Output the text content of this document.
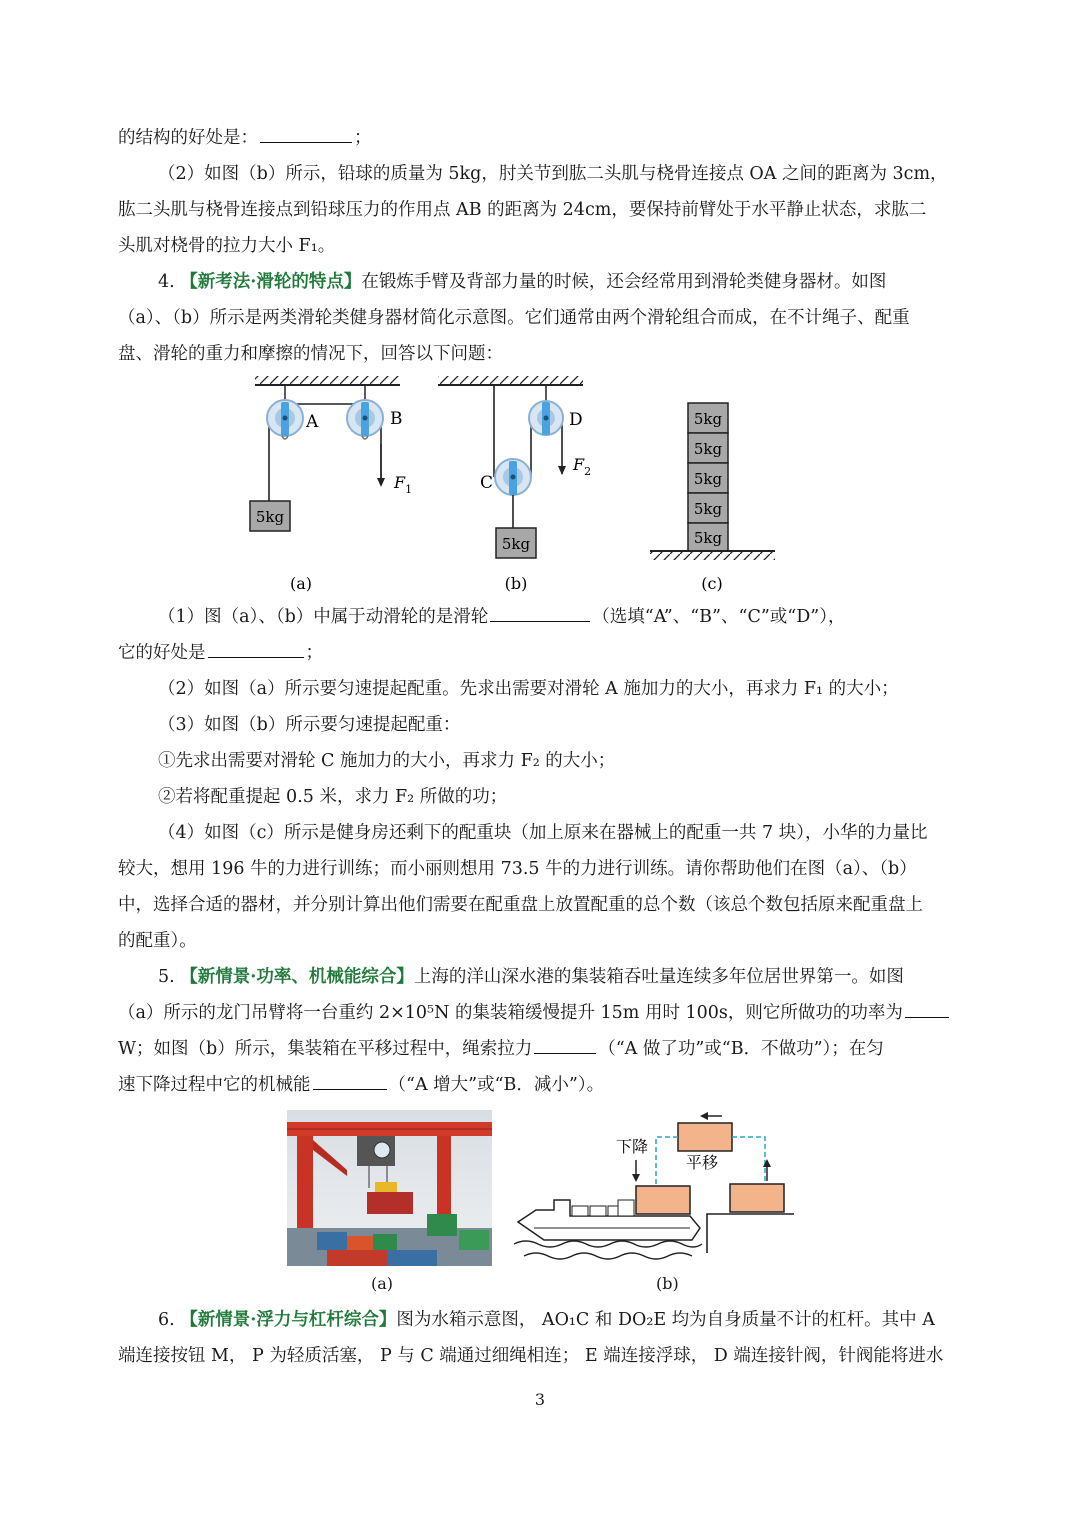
的结构的好处是：	；
（2）如图（b）所示，铅球的质量为 5kg，肘关节到肱二头肌与桡骨连接点 OA 之间的距离为 3cm，
肱二头肌与桡骨连接点到铅球压力的作用点 AB 的距离为 24cm，要保持前臂处于水平静止状态，求肱二
头肌对桡骨的拉力大小 F₁。
4. 【新考法·滑轮的特点】在锻炼手臂及背部力量的时候，还会经常用到滑轮类健身器材。如图
（a）、（b）所示是两类滑轮类健身器材简化示意图。它们通常由两个滑轮组合而成，在不计绳子、配重
盘、滑轮的重力和摩擦的情况下，回答以下问题：
A	B
$F_1$
5kg
(a)
C
D
$F_2$
5kg
(b)
5kg
5kg
5kg
5kg
5kg
(c)
（1）图（a）、（b）中属于动滑轮的是滑轮	（选填“A”、“B”、“C”或“D”），
它的好处是	；
（2）如图（a）所示要匀速提起配重。先求出需要对滑轮 A 施加力的大小，再求力 F₁ 的大小；
（3）如图（b）所示要匀速提起配重：
①先求出需要对滑轮 C 施加力的大小，再求力 F₂ 的大小；
②若将配重提起 0.5 米，求力 F₂ 所做的功；
（4）如图（c）所示是健身房还剩下的配重块（加上原来在器械上的配重一共 7 块），小华的力量比
较大，想用 196 牛的力进行训练；而小丽则想用 73.5 牛的力进行训练。请你帮助他们在图（a）、（b）
中，选择合适的器材，并分别计算出他们需要在配重盘上放置配重的总个数（该总个数包括原来配重盘上
的配重）。
5. 【新情景·功率、机械能综合】上海的洋山深水港的集装箱吞吐量连续多年位居世界第一。如图
（a）所示的龙门吊臂将一台重约 2×10⁵N 的集装箱缓慢提升 15m 用时 100s，则它所做功的功率为
W；如图（b）所示，集装箱在平移过程中，绳索拉力	（“A 做了功”或“B．不做功”）；在匀
速下降过程中它的机械能	（“A 增大”或“B．减小”）。
(a)
下降
平移
(b)
6. 【新情景·浮力与杠杆综合】图为水箱示意图， AO₁C 和 DO₂E 均为自身质量不计的杠杆。其中 A
端连接按钮 M， P 为轻质活塞， P 与 C 端通过细绳相连； E 端连接浮球， D 端连接针阀，针阀能将进水
3
